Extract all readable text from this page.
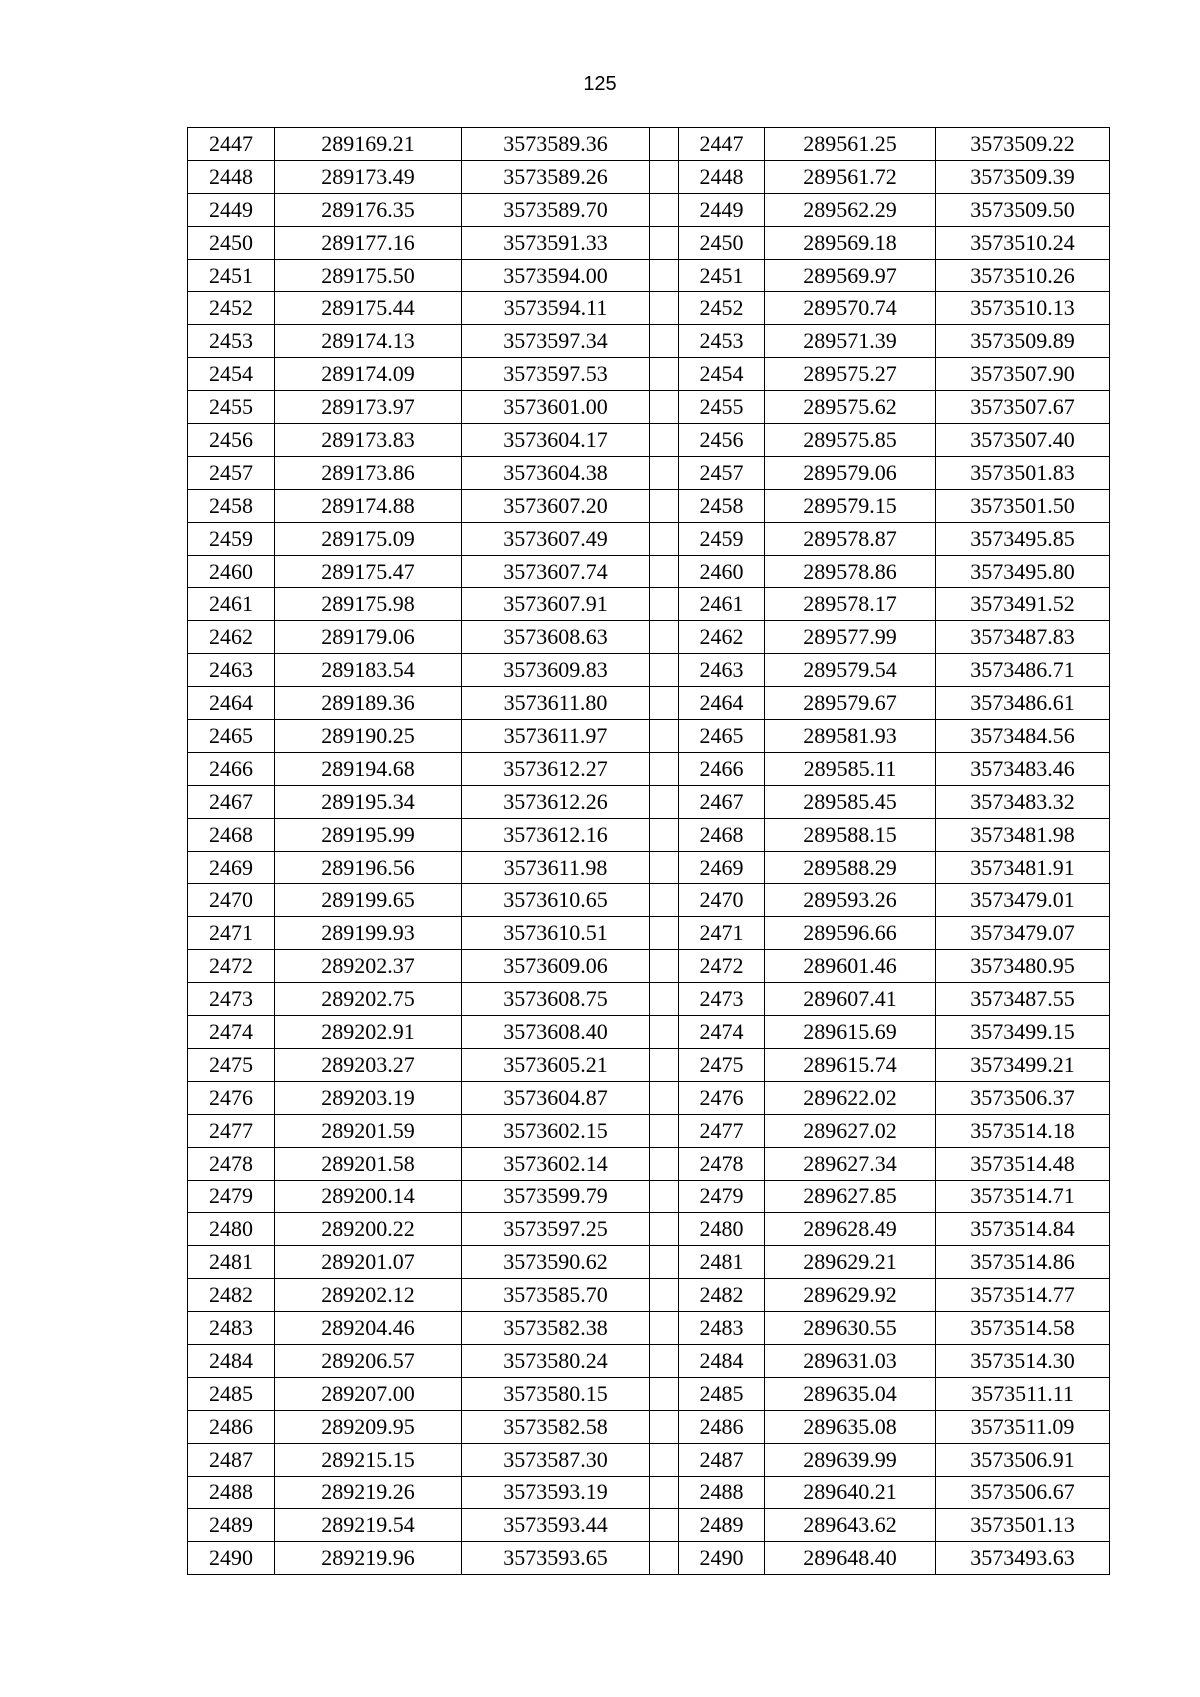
125
2447	289169.21	3573589.36		2447	289561.25	3573509.22
2448	289173.49	3573589.26		2448	289561.72	3573509.39
2449	289176.35	3573589.70		2449	289562.29	3573509.50
2450	289177.16	3573591.33		2450	289569.18	3573510.24
2451	289175.50	3573594.00		2451	289569.97	3573510.26
2452	289175.44	3573594.11		2452	289570.74	3573510.13
2453	289174.13	3573597.34		2453	289571.39	3573509.89
2454	289174.09	3573597.53		2454	289575.27	3573507.90
2455	289173.97	3573601.00		2455	289575.62	3573507.67
2456	289173.83	3573604.17		2456	289575.85	3573507.40
2457	289173.86	3573604.38		2457	289579.06	3573501.83
2458	289174.88	3573607.20		2458	289579.15	3573501.50
2459	289175.09	3573607.49		2459	289578.87	3573495.85
2460	289175.47	3573607.74		2460	289578.86	3573495.80
2461	289175.98	3573607.91		2461	289578.17	3573491.52
2462	289179.06	3573608.63		2462	289577.99	3573487.83
2463	289183.54	3573609.83		2463	289579.54	3573486.71
2464	289189.36	3573611.80		2464	289579.67	3573486.61
2465	289190.25	3573611.97		2465	289581.93	3573484.56
2466	289194.68	3573612.27		2466	289585.11	3573483.46
2467	289195.34	3573612.26		2467	289585.45	3573483.32
2468	289195.99	3573612.16		2468	289588.15	3573481.98
2469	289196.56	3573611.98		2469	289588.29	3573481.91
2470	289199.65	3573610.65		2470	289593.26	3573479.01
2471	289199.93	3573610.51		2471	289596.66	3573479.07
2472	289202.37	3573609.06		2472	289601.46	3573480.95
2473	289202.75	3573608.75		2473	289607.41	3573487.55
2474	289202.91	3573608.40		2474	289615.69	3573499.15
2475	289203.27	3573605.21		2475	289615.74	3573499.21
2476	289203.19	3573604.87		2476	289622.02	3573506.37
2477	289201.59	3573602.15		2477	289627.02	3573514.18
2478	289201.58	3573602.14		2478	289627.34	3573514.48
2479	289200.14	3573599.79		2479	289627.85	3573514.71
2480	289200.22	3573597.25		2480	289628.49	3573514.84
2481	289201.07	3573590.62		2481	289629.21	3573514.86
2482	289202.12	3573585.70		2482	289629.92	3573514.77
2483	289204.46	3573582.38		2483	289630.55	3573514.58
2484	289206.57	3573580.24		2484	289631.03	3573514.30
2485	289207.00	3573580.15		2485	289635.04	3573511.11
2486	289209.95	3573582.58		2486	289635.08	3573511.09
2487	289215.15	3573587.30		2487	289639.99	3573506.91
2488	289219.26	3573593.19		2488	289640.21	3573506.67
2489	289219.54	3573593.44		2489	289643.62	3573501.13
2490	289219.96	3573593.65		2490	289648.40	3573493.63
